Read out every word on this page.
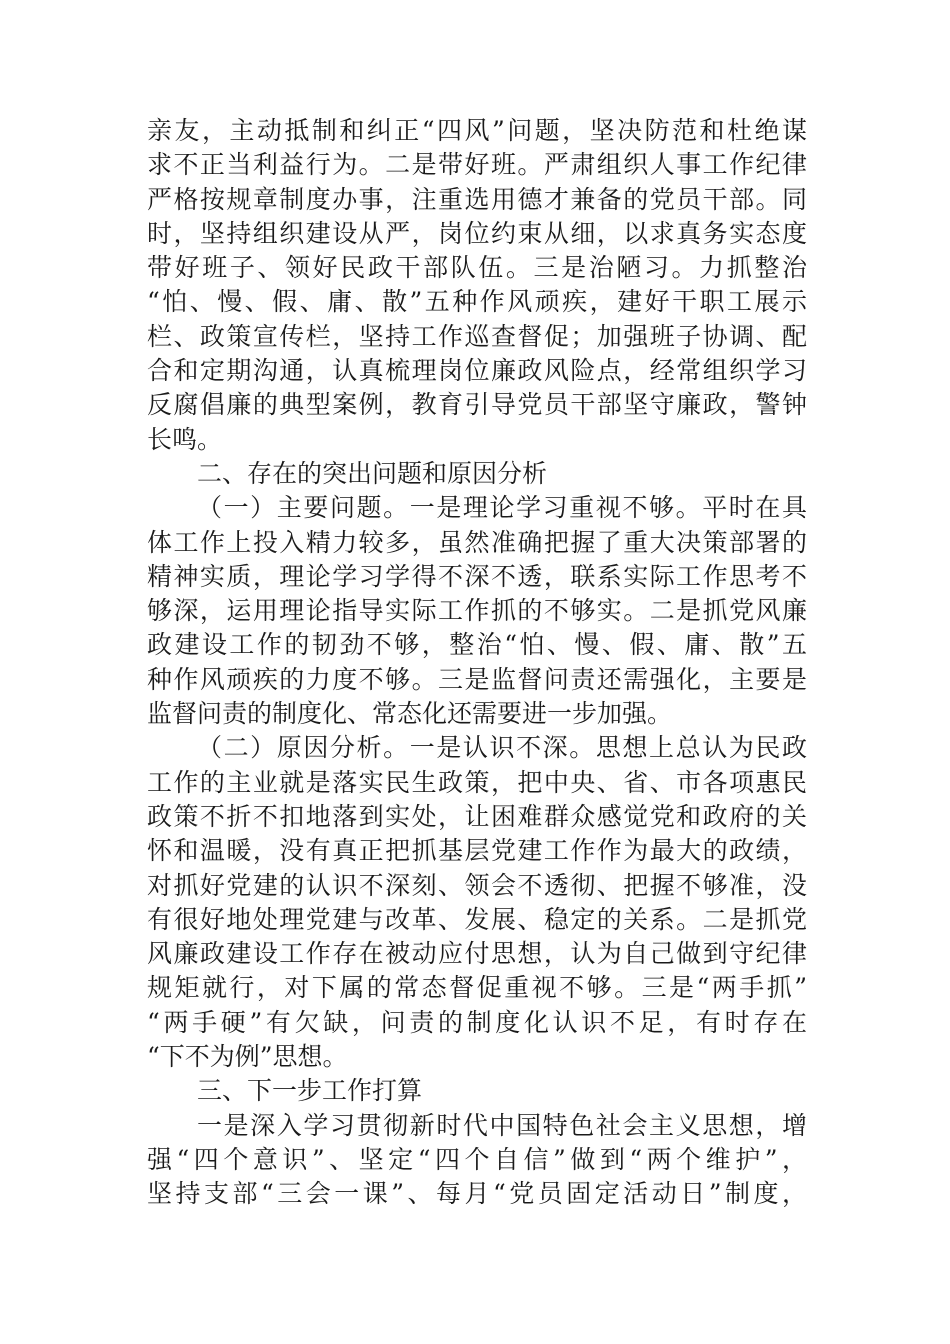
亲友，主动抵制和纠正“四风”问题，坚决防范和杜绝谋
求不正当利益行为。二是带好班。严肃组织人事工作纪律
严格按规章制度办事，注重选用德才兼备的党员干部。同
时，坚持组织建设从严，岗位约束从细，以求真务实态度
带好班子、领好民政干部队伍。三是治陋习。力抓整治
“怕、慢、假、庸、散”五种作风顽疾，建好干职工展示
栏、政策宣传栏，坚持工作巡查督促；加强班子协调、配
合和定期沟通，认真梳理岗位廉政风险点，经常组织学习
反腐倡廉的典型案例，教育引导党员干部坚守廉政，警钟
长鸣。
二、存在的突出问题和原因分析
（一）主要问题。一是理论学习重视不够。平时在具
体工作上投入精力较多，虽然准确把握了重大决策部署的
精神实质，理论学习学得不深不透，联系实际工作思考不
够深，运用理论指导实际工作抓的不够实。二是抓党风廉
政建设工作的韧劲不够，整治“怕、慢、假、庸、散”五
种作风顽疾的力度不够。三是监督问责还需强化，主要是
监督问责的制度化、常态化还需要进一步加强。
（二）原因分析。一是认识不深。思想上总认为民政
工作的主业就是落实民生政策，把中央、省、市各项惠民
政策不折不扣地落到实处，让困难群众感觉党和政府的关
怀和温暖，没有真正把抓基层党建工作作为最大的政绩，
对抓好党建的认识不深刻、领会不透彻、把握不够准，没
有很好地处理党建与改革、发展、稳定的关系。二是抓党
风廉政建设工作存在被动应付思想，认为自己做到守纪律
规矩就行，对下属的常态督促重视不够。三是“两手抓”
“两手硬”有欠缺，问责的制度化认识不足，有时存在
“下不为例”思想。
三、下一步工作打算
一是深入学习贯彻新时代中国特色社会主义思想，增
强“四个意识”、坚定“四个自信”做到“两个维护”，
坚持支部“三会一课”、每月“党员固定活动日”制度，
